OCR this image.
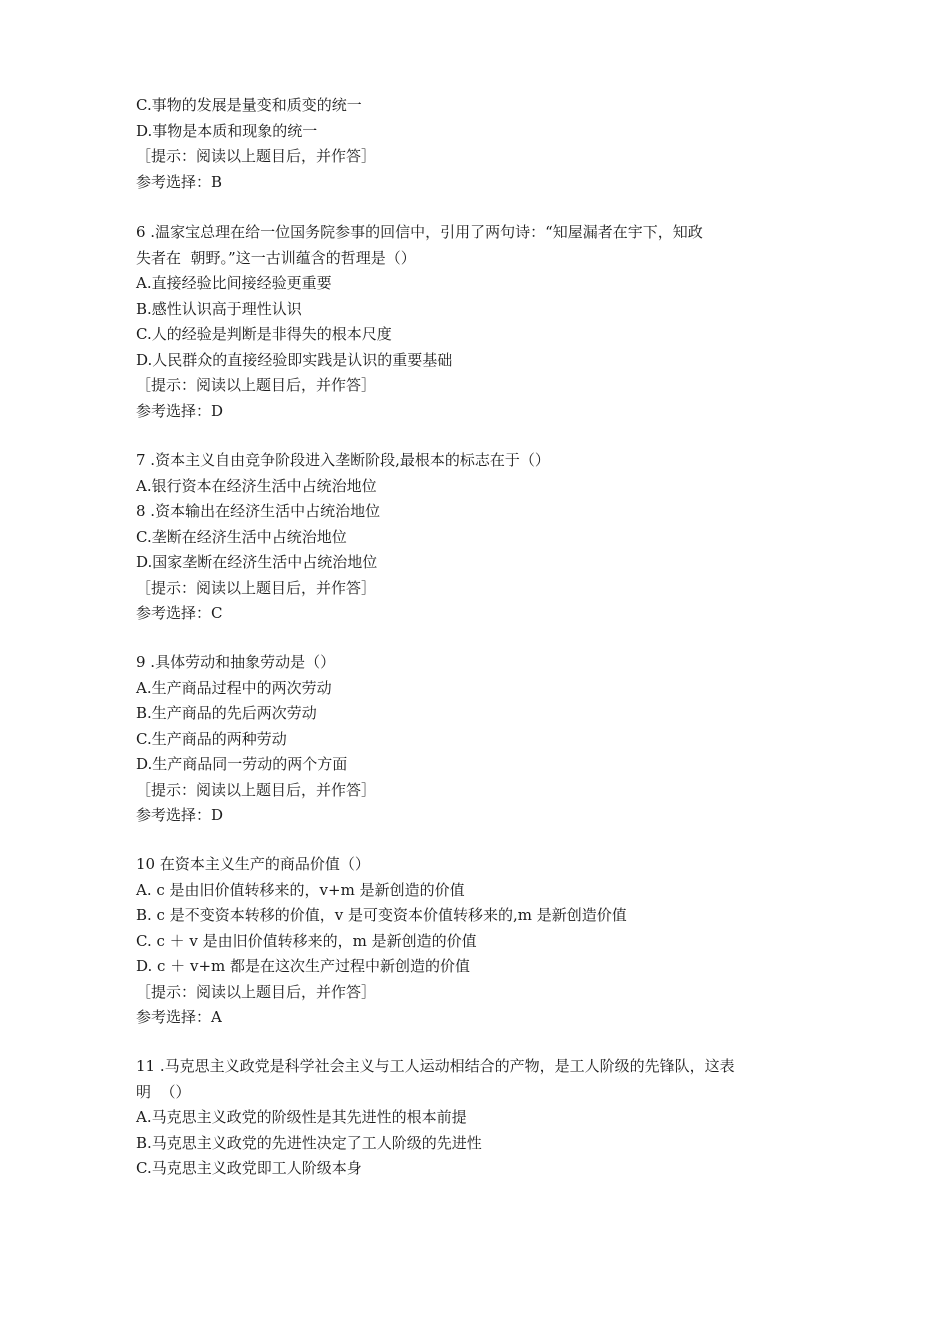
C.事物的发展是量变和质变的统一
D.事物是本质和现象的统一
［提示：阅读以上题目后，并作答］
参考选择：B
6 .温家宝总理在给一位国务院参事的回信中，引用了两句诗：“知屋漏者在宇下，知政
失者在  朝野。”这一古训蕴含的哲理是（）
A.直接经验比间接经验更重要
B.感性认识高于理性认识
C.人的经验是判断是非得失的根本尺度
D.人民群众的直接经验即实践是认识的重要基础
［提示：阅读以上题目后，并作答］
参考选择：D
7 .资本主义自由竞争阶段进入垄断阶段,最根本的标志在于（）
A.银行资本在经济生活中占统治地位
8 .资本输出在经济生活中占统治地位
C.垄断在经济生活中占统治地位
D.国家垄断在经济生活中占统治地位
［提示：阅读以上题目后，并作答］
参考选择：C
9 .具体劳动和抽象劳动是（）
A.生产商品过程中的两次劳动
B.生产商品的先后两次劳动
C.生产商品的两种劳动
D.生产商品同一劳动的两个方面
［提示：阅读以上题目后，并作答］
参考选择：D
10 在资本主义生产的商品价值（）
A. c 是由旧价值转移来的，v+m 是新创造的价值
B. c 是不变资本转移的价值，v 是可变资本价值转移来的,m 是新创造价值
C. c ＋ v 是由旧价值转移来的，m 是新创造的价值
D. c ＋ v+m 都是在这次生产过程中新创造的价值
［提示：阅读以上题目后，并作答］
参考选择：A
11 .马克思主义政党是科学社会主义与工人运动相结合的产物，是工人阶级的先锋队，这表
明  （）
A.马克思主义政党的阶级性是其先进性的根本前提
B.马克思主义政党的先进性决定了工人阶级的先进性
C.马克思主义政党即工人阶级本身
